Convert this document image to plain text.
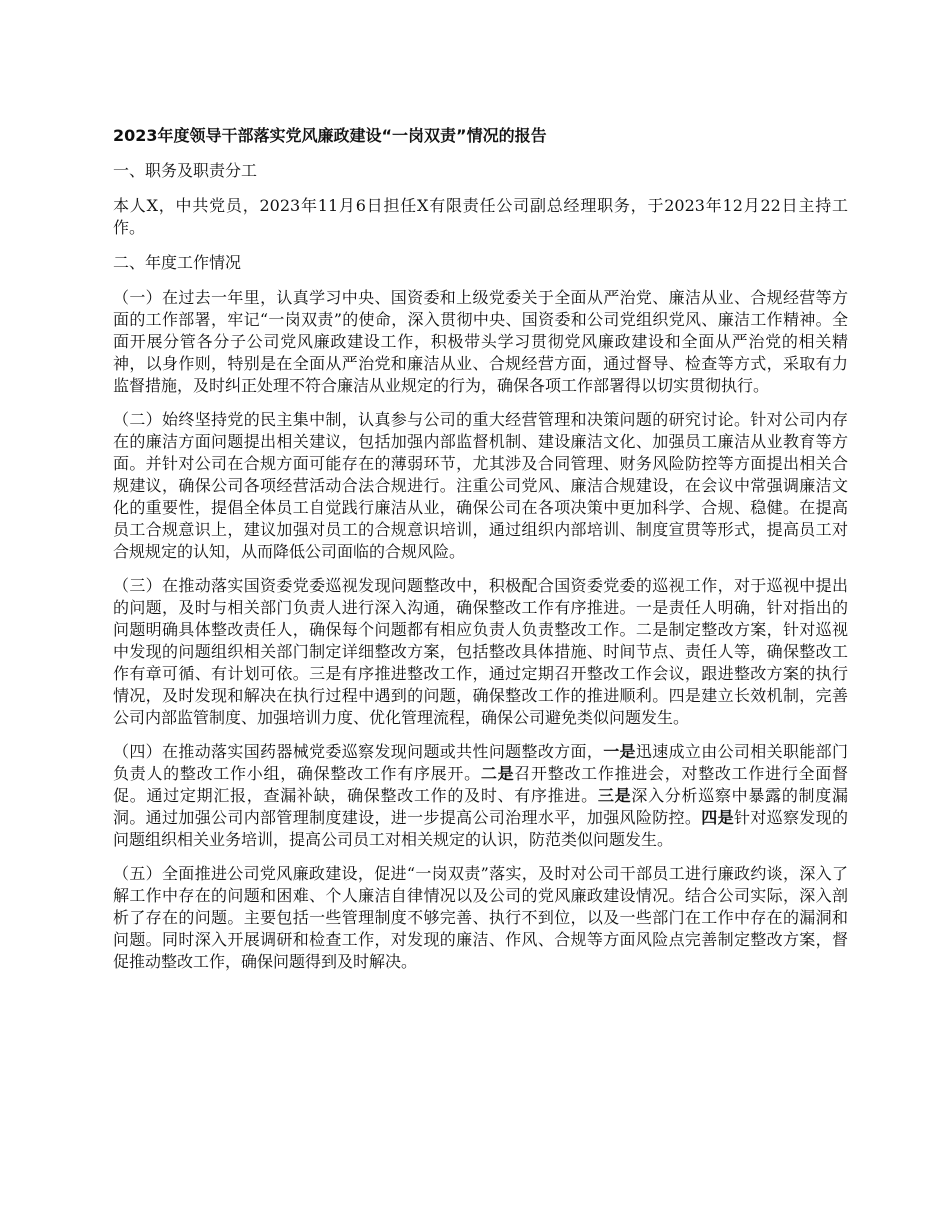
2023年度领导干部落实党风廉政建设“一岗双责”情况的报告
一、职务及职责分工
本人X，中共党员，2023年11月6日担任X有限责任公司副总经理职务，于2023年12月22日主持工作。
二、年度工作情况
（一）在过去一年里，认真学习中央、国资委和上级党委关于全面从严治党、廉洁从业、合规经营等方面的工作部署，牢记“一岗双责”的使命，深入贯彻中央、国资委和公司党组织党风、廉洁工作精神。全面开展分管各分子公司党风廉政建设工作，积极带头学习贯彻党风廉政建设和全面从严治党的相关精神，以身作则，特别是在全面从严治党和廉洁从业、合规经营方面，通过督导、检查等方式，采取有力监督措施，及时纠正处理不符合廉洁从业规定的行为，确保各项工作部署得以切实贯彻执行。
（二）始终坚持党的民主集中制，认真参与公司的重大经营管理和决策问题的研究讨论。针对公司内存在的廉洁方面问题提出相关建议，包括加强内部监督机制、建设廉洁文化、加强员工廉洁从业教育等方面。并针对公司在合规方面可能存在的薄弱环节，尤其涉及合同管理、财务风险防控等方面提出相关合规建议，确保公司各项经营活动合法合规进行。注重公司党风、廉洁合规建设，在会议中常强调廉洁文化的重要性，提倡全体员工自觉践行廉洁从业，确保公司在各项决策中更加科学、合规、稳健。在提高员工合规意识上，建议加强对员工的合规意识培训，通过组织内部培训、制度宣贯等形式，提高员工对合规规定的认知，从而降低公司面临的合规风险。
（三）在推动落实国资委党委巡视发现问题整改中，积极配合国资委党委的巡视工作，对于巡视中提出的问题，及时与相关部门负责人进行深入沟通，确保整改工作有序推进。一是责任人明确，针对指出的问题明确具体整改责任人，确保每个问题都有相应负责人负责整改工作。二是制定整改方案，针对巡视中发现的问题组织相关部门制定详细整改方案，包括整改具体措施、时间节点、责任人等，确保整改工作有章可循、有计划可依。三是有序推进整改工作，通过定期召开整改工作会议，跟进整改方案的执行情况，及时发现和解决在执行过程中遇到的问题，确保整改工作的推进顺利。四是建立长效机制，完善公司内部监管制度、加强培训力度、优化管理流程，确保公司避免类似问题发生。
（四）在推动落实国药器械党委巡察发现问题或共性问题整改方面，一是迅速成立由公司相关职能部门负责人的整改工作小组，确保整改工作有序展开。二是召开整改工作推进会，对整改工作进行全面督促。通过定期汇报，查漏补缺，确保整改工作的及时、有序推进。三是深入分析巡察中暴露的制度漏洞。通过加强公司内部管理制度建设，进一步提高公司治理水平，加强风险防控。四是针对巡察发现的问题组织相关业务培训，提高公司员工对相关规定的认识，防范类似问题发生。
（五）全面推进公司党风廉政建设，促进“一岗双责”落实，及时对公司干部员工进行廉政约谈，深入了解工作中存在的问题和困难、个人廉洁自律情况以及公司的党风廉政建设情况。结合公司实际，深入剖析了存在的问题。主要包括一些管理制度不够完善、执行不到位，以及一些部门在工作中存在的漏洞和问题。同时深入开展调研和检查工作，对发现的廉洁、作风、合规等方面风险点完善制定整改方案，督促推动整改工作，确保问题得到及时解决。
